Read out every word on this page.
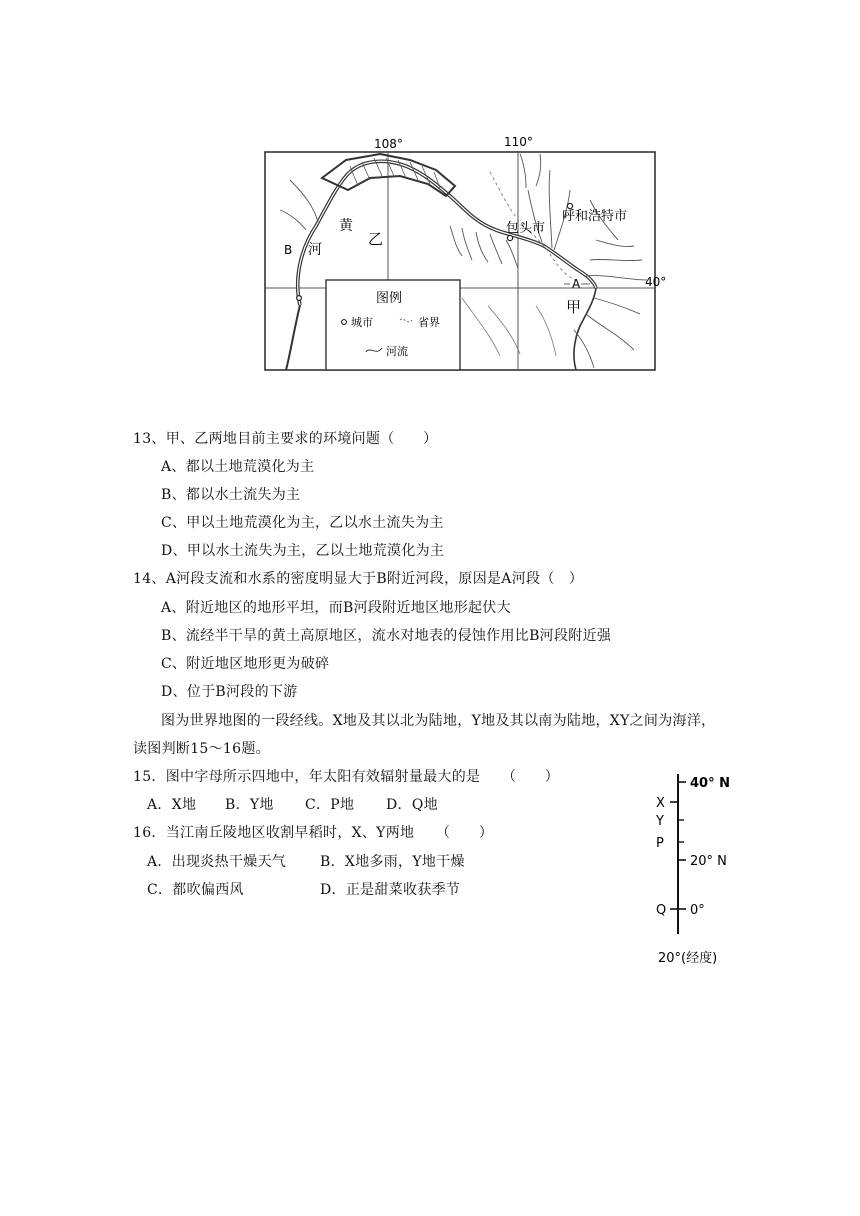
108°	110°
40°
包头市
呼和浩特市
黄
河
乙
甲
A
B
图例
城市	省界
河流
13、甲、乙两地目前主要求的环境问题（　　）
A、都以土地荒漠化为主
B、都以水土流失为主
C、甲以土地荒漠化为主，乙以水土流失为主
D、甲以水土流失为主，乙以土地荒漠化为主
14、A河段支流和水系的密度明显大于B附近河段，原因是A河段（　）
A、附近地区的地形平坦，而B河段附近地区地形起伏大
B、流经半干旱的黄土高原地区，流水对地表的侵蚀作用比B河段附近强
C、附近地区地形更为破碎
D、位于B河段的下游
图为世界地图的一段经线。X地及其以北为陆地，Y地及其以南为陆地，XY之间为海洋，
读图判断15～16题。
15．图中字母所示四地中，年太阳有效辐射量最大的是　　（　　）
A．X地 B．Y地 C．P地 D．Q地
16．当江南丘陵地区收割早稻时，X、Y两地　　（　　）
A．出现炎热干燥天气 B．X地多雨，Y地干燥
C．都吹偏西风	D．正是甜菜收获季节
40° N
20° N
0°
X
Y
P
Q
20°(经度)
